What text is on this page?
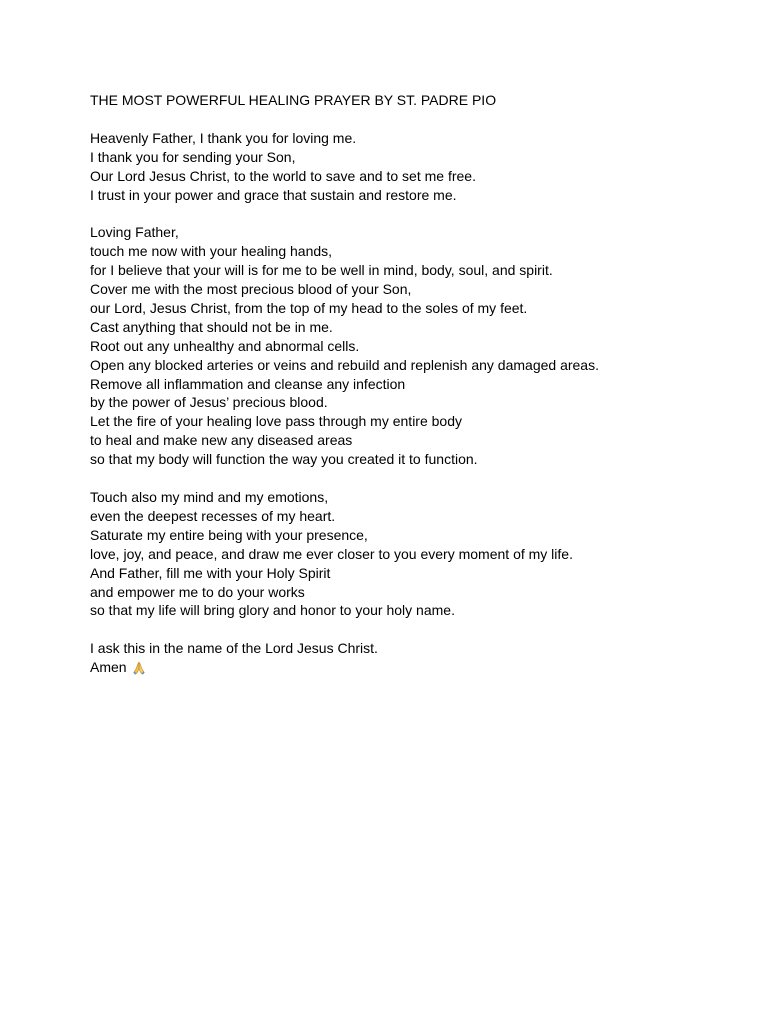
THE MOST POWERFUL HEALING PRAYER BY ST. PADRE PIO
Heavenly Father, I thank you for loving me.
I thank you for sending your Son,
Our Lord Jesus Christ, to the world to save and to set me free.
I trust in your power and grace that sustain and restore me.
Loving Father,
touch me now with your healing hands,
for I believe that your will is for me to be well in mind, body, soul, and spirit.
Cover me with the most precious blood of your Son,
our Lord, Jesus Christ, from the top of my head to the soles of my feet.
Cast anything that should not be in me.
Root out any unhealthy and abnormal cells.
Open any blocked arteries or veins and rebuild and replenish any damaged areas.
Remove all inflammation and cleanse any infection
by the power of Jesus’ precious blood.
Let the fire of your healing love pass through my entire body
to heal and make new any diseased areas
so that my body will function the way you created it to function.
Touch also my mind and my emotions,
even the deepest recesses of my heart.
Saturate my entire being with your presence,
love, joy, and peace, and draw me ever closer to you every moment of my life.
And Father, fill me with your Holy Spirit
and empower me to do your works
so that my life will bring glory and honor to your holy name.
I ask this in the name of the Lord Jesus Christ.
Amen
